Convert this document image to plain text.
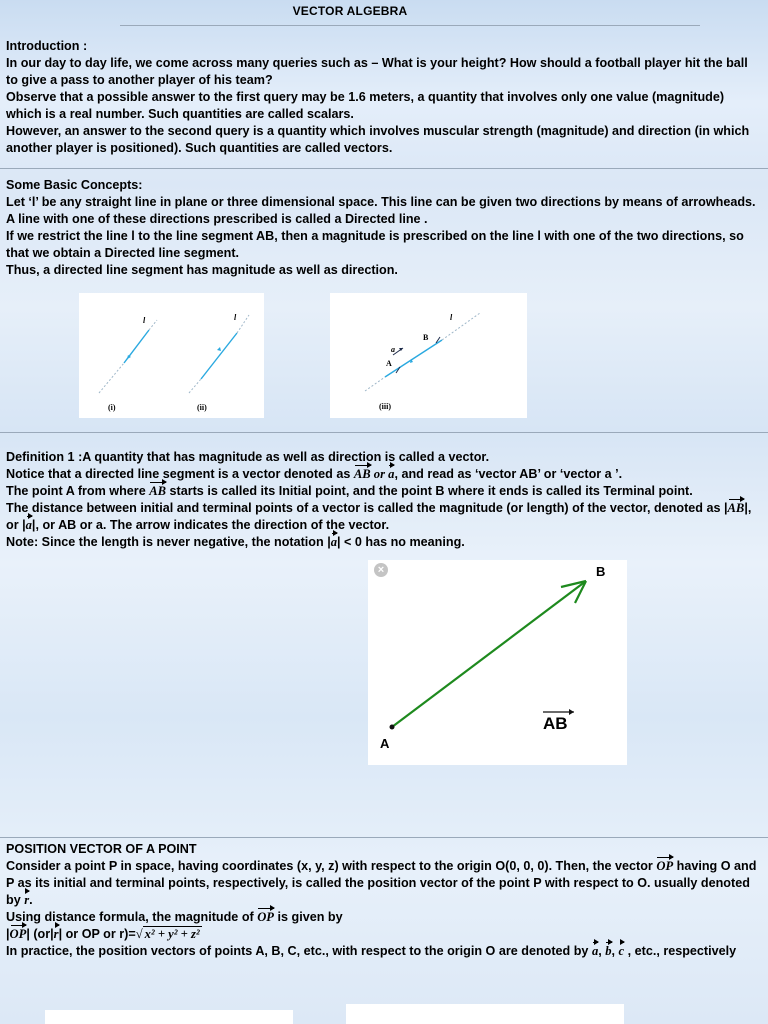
VECTOR ALGEBRA
Introduction :
In our day to day life, we come across many queries such as – What is your height? How should a football player hit the ball to give a pass to another player of his team?
Observe that a possible answer to the first query may be 1.6 meters, a quantity that involves only one value (magnitude) which is a real number. Such quantities are called scalars.
However, an answer to the second query is a quantity which involves muscular strength (magnitude) and direction (in which another player is positioned). Such quantities are called vectors.
Some Basic Concepts:
Let ‘l’ be any straight line in plane or three dimensional space. This line can be given two directions by means of arrowheads. A line with one of these directions prescribed is called a Directed line .
If we restrict the line l to the line segment AB, then a magnitude is prescribed on the line l with one of the two directions, so that we obtain a Directed line segment.
Thus, a directed line segment has magnitude as well as direction.
l	l
(i)	(ii)
l
B
A
a
(iii)
Definition 1 :A quantity that has magnitude as well as direction is called a vector.
Notice that a directed line segment is a vector denoted as AB or a, and read as ‘vector AB’ or ‘vector a ’.
The point A from where AB starts is called its Initial point, and the point B where it ends is called its Terminal point.
The distance between initial and terminal points of a vector is called the magnitude (or length) of the vector, denoted as |AB|, or |a|, or AB or a. The arrow indicates the direction of the vector.
Note: Since the length is never negative, the notation |a| < 0 has no meaning.
×
A
B
AB
POSITION VECTOR OF A POINT
Consider a point P in space, having coordinates (x, y, z) with respect to the origin O(0, 0, 0). Then, the vector OP having O and P as its initial and terminal points, respectively, is called the position vector of the point P with respect to O. usually denoted by r.
Using distance formula, the magnitude of OP is given by
|OP| (or|r| or OP or r)=√ x² + y² + z²
In practice, the position vectors of points A, B, C, etc., with respect to the origin O are denoted by a, b, c , etc., respectively
